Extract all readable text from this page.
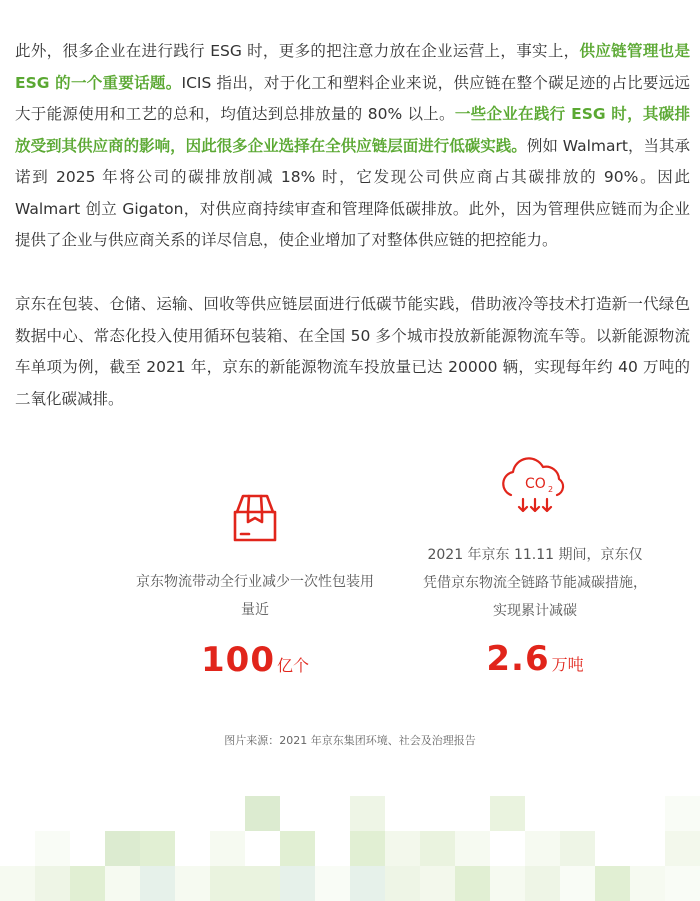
此外，很多企业在进行践行 ESG 时，更多的把注意力放在企业运营上，事实上，供应链管理也是 ESG 的一个重要话题。ICIS 指出，对于化工和塑料企业来说，供应链在整个碳足迹的占比要远远大于能源使用和工艺的总和，均值达到总排放量的 80% 以上。一些企业在践行 ESG 时，其碳排放受到其供应商的影响，因此很多企业选择在全供应链层面进行低碳实践。例如 Walmart，当其承诺到 2025 年将公司的碳排放削减 18% 时，它发现公司供应商占其碳排放的 90%。因此 Walmart 创立 Gigaton，对供应商持续审查和管理降低碳排放。此外，因为管理供应链而为企业提供了企业与供应商关系的详尽信息，使企业增加了对整体供应链的把控能力。

京东在包装、仓储、运输、回收等供应链层面进行低碳节能实践，借助液冷等技术打造新一代绿色数据中心、常态化投入使用循环包装箱、在全国 50 多个城市投放新能源物流车等。以新能源物流车单项为例，截至 2021 年，京东的新能源物流车投放量已达 20000 辆，实现每年约 40 万吨的二氧化碳减排。

京东物流带动全行业减少一次性包装用量近
100 亿个
CO 2
2021 年京东 11.11 期间，京东仅
凭借京东物流全链路节能减碳措施，
实现累计减碳
2.6 万吨
图片来源：2021 年京东集团环境、社会及治理报告
